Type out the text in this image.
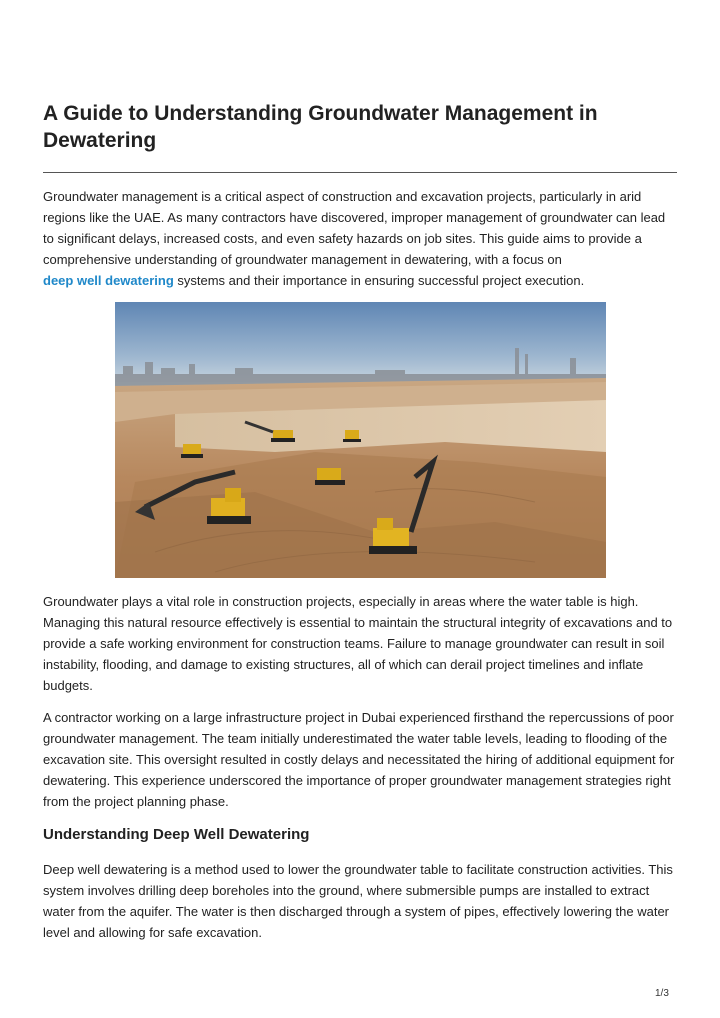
A Guide to Understanding Groundwater Management in Dewatering

Groundwater management is a critical aspect of construction and excavation projects, particularly in arid regions like the UAE. As many contractors have discovered, improper management of groundwater can lead to significant delays, increased costs, and even safety hazards on job sites. This guide aims to provide a comprehensive understanding of groundwater management in dewatering, with a focus on
deep well dewatering systems and their importance in ensuring successful project execution.

Groundwater plays a vital role in construction projects, especially in areas where the water table is high. Managing this natural resource effectively is essential to maintain the structural integrity of excavations and to provide a safe working environment for construction teams. Failure to manage groundwater can result in soil instability, flooding, and damage to existing structures, all of which can derail project timelines and inflate budgets.

A contractor working on a large infrastructure project in Dubai experienced firsthand the repercussions of poor groundwater management. The team initially underestimated the water table levels, leading to flooding of the excavation site. This oversight resulted in costly delays and necessitated the hiring of additional equipment for dewatering. This experience underscored the importance of proper groundwater management strategies right from the project planning phase.

Understanding Deep Well Dewatering

Deep well dewatering is a method used to lower the groundwater table to facilitate construction activities. This system involves drilling deep boreholes into the ground, where submersible pumps are installed to extract water from the aquifer. The water is then discharged through a system of pipes, effectively lowering the water level and allowing for safe excavation.

1/3
